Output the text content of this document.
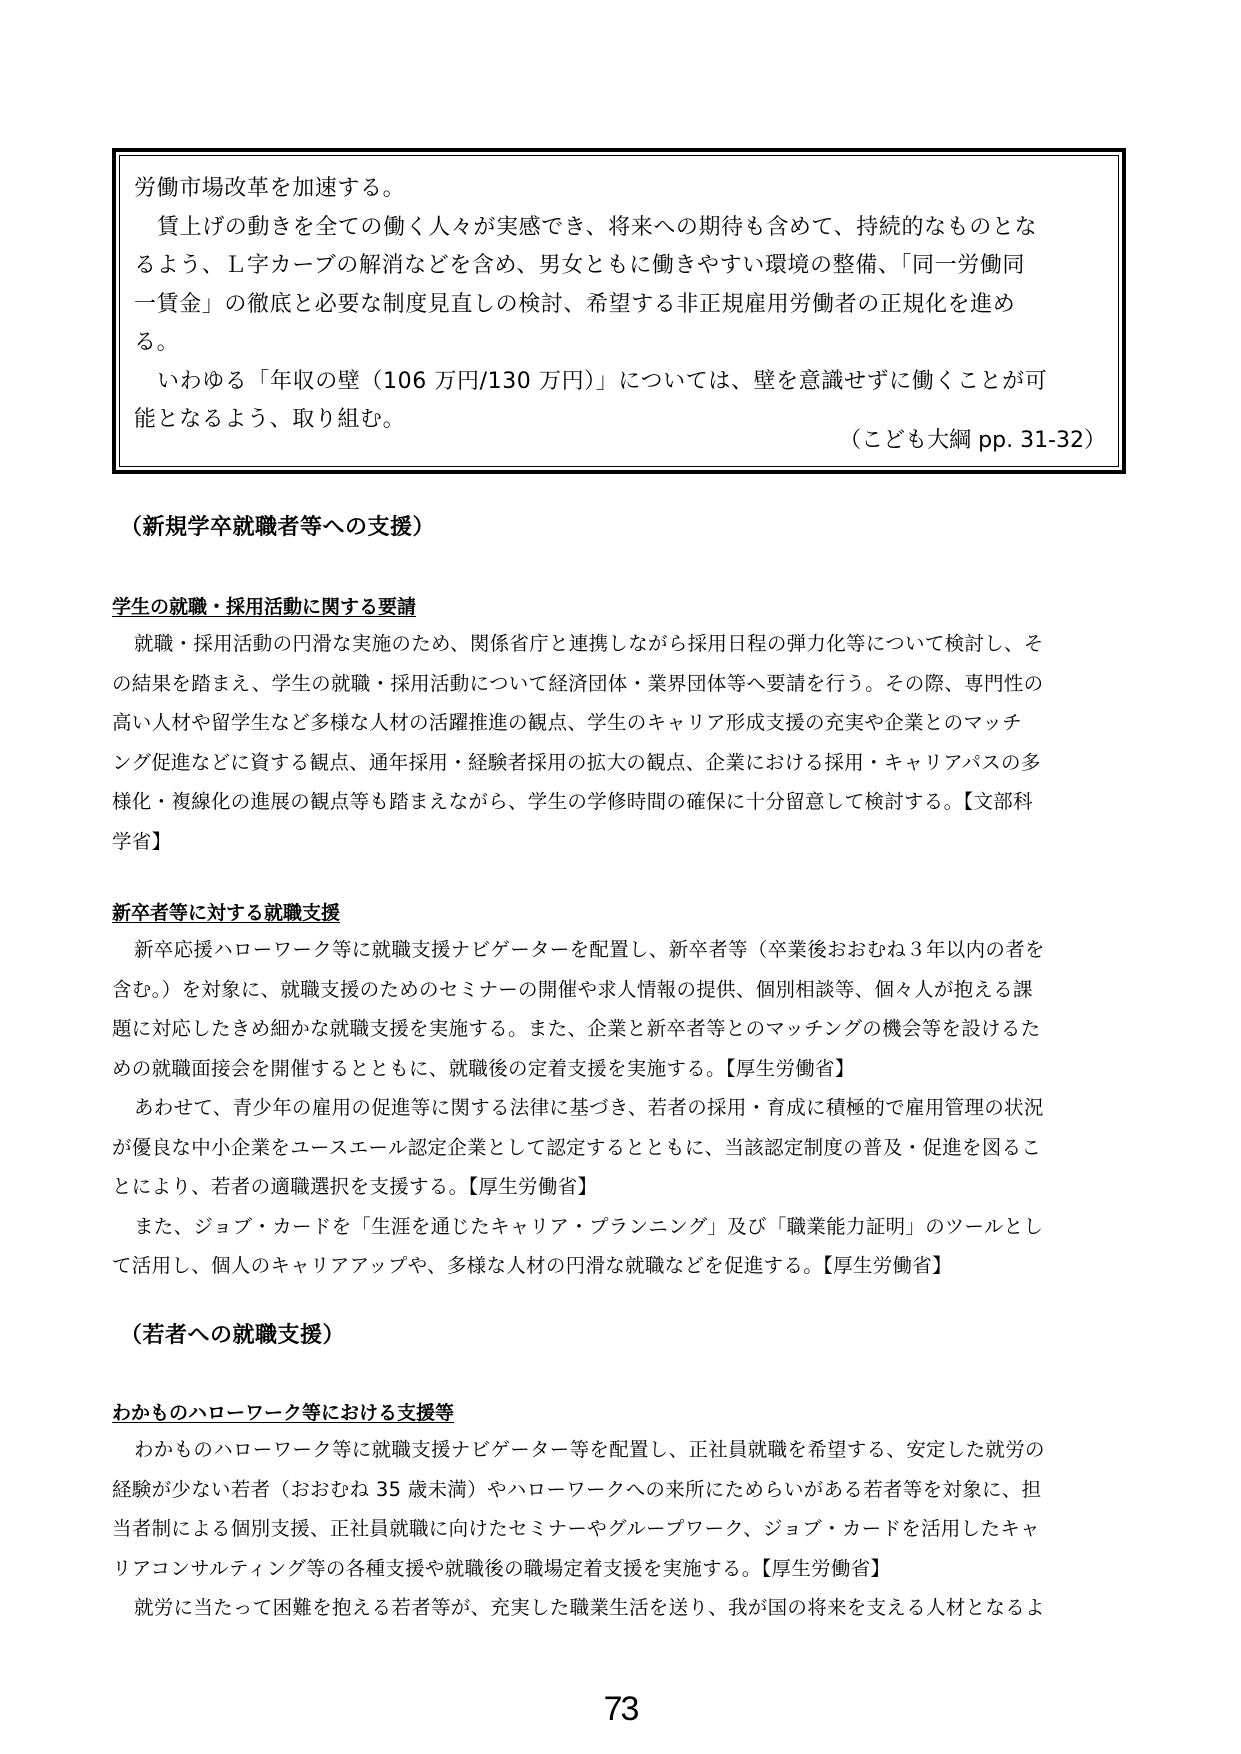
労働市場改革を加速する。
賃上げの動きを全ての働く人々が実感でき、将来への期待も含めて、持続的なものとな
るよう、Ｌ字カーブの解消などを含め、男女ともに働きやすい環境の整備、「同一労働同
一賃金」の徹底と必要な制度見直しの検討、希望する非正規雇用労働者の正規化を進め
る。
いわゆる「年収の壁（106 万円/130 万円）」については、壁を意識せずに働くことが可
能となるよう、取り組む。
（こども大綱 pp. 31-32）
（新規学卒就職者等への支援）
学生の就職・採用活動に関する要請
就職・採用活動の円滑な実施のため、関係省庁と連携しながら採用日程の弾力化等について検討し、そ
の結果を踏まえ、学生の就職・採用活動について経済団体・業界団体等へ要請を行う。その際、専門性の
高い人材や留学生など多様な人材の活躍推進の観点、学生のキャリア形成支援の充実や企業とのマッチ
ング促進などに資する観点、通年採用・経験者採用の拡大の観点、企業における採用・キャリアパスの多
様化・複線化の進展の観点等も踏まえながら、学生の学修時間の確保に十分留意して検討する。【文部科
学省】
新卒者等に対する就職支援
新卒応援ハローワーク等に就職支援ナビゲーターを配置し、新卒者等（卒業後おおむね３年以内の者を
含む。）を対象に、就職支援のためのセミナーの開催や求人情報の提供、個別相談等、個々人が抱える課
題に対応したきめ細かな就職支援を実施する。また、企業と新卒者等とのマッチングの機会等を設けるた
めの就職面接会を開催するとともに、就職後の定着支援を実施する。【厚生労働省】
あわせて、青少年の雇用の促進等に関する法律に基づき、若者の採用・育成に積極的で雇用管理の状況
が優良な中小企業をユースエール認定企業として認定するとともに、当該認定制度の普及・促進を図るこ
とにより、若者の適職選択を支援する。【厚生労働省】
また、ジョブ・カードを「生涯を通じたキャリア・プランニング」及び「職業能力証明」のツールとし
て活用し、個人のキャリアアップや、多様な人材の円滑な就職などを促進する。【厚生労働省】
（若者への就職支援）
わかものハローワーク等における支援等
わかものハローワーク等に就職支援ナビゲーター等を配置し、正社員就職を希望する、安定した就労の
経験が少ない若者（おおむね 35 歳未満）やハローワークへの来所にためらいがある若者等を対象に、担
当者制による個別支援、正社員就職に向けたセミナーやグループワーク、ジョブ・カードを活用したキャ
リアコンサルティング等の各種支援や就職後の職場定着支援を実施する。【厚生労働省】
就労に当たって困難を抱える若者等が、充実した職業生活を送り、我が国の将来を支える人材となるよ
73
